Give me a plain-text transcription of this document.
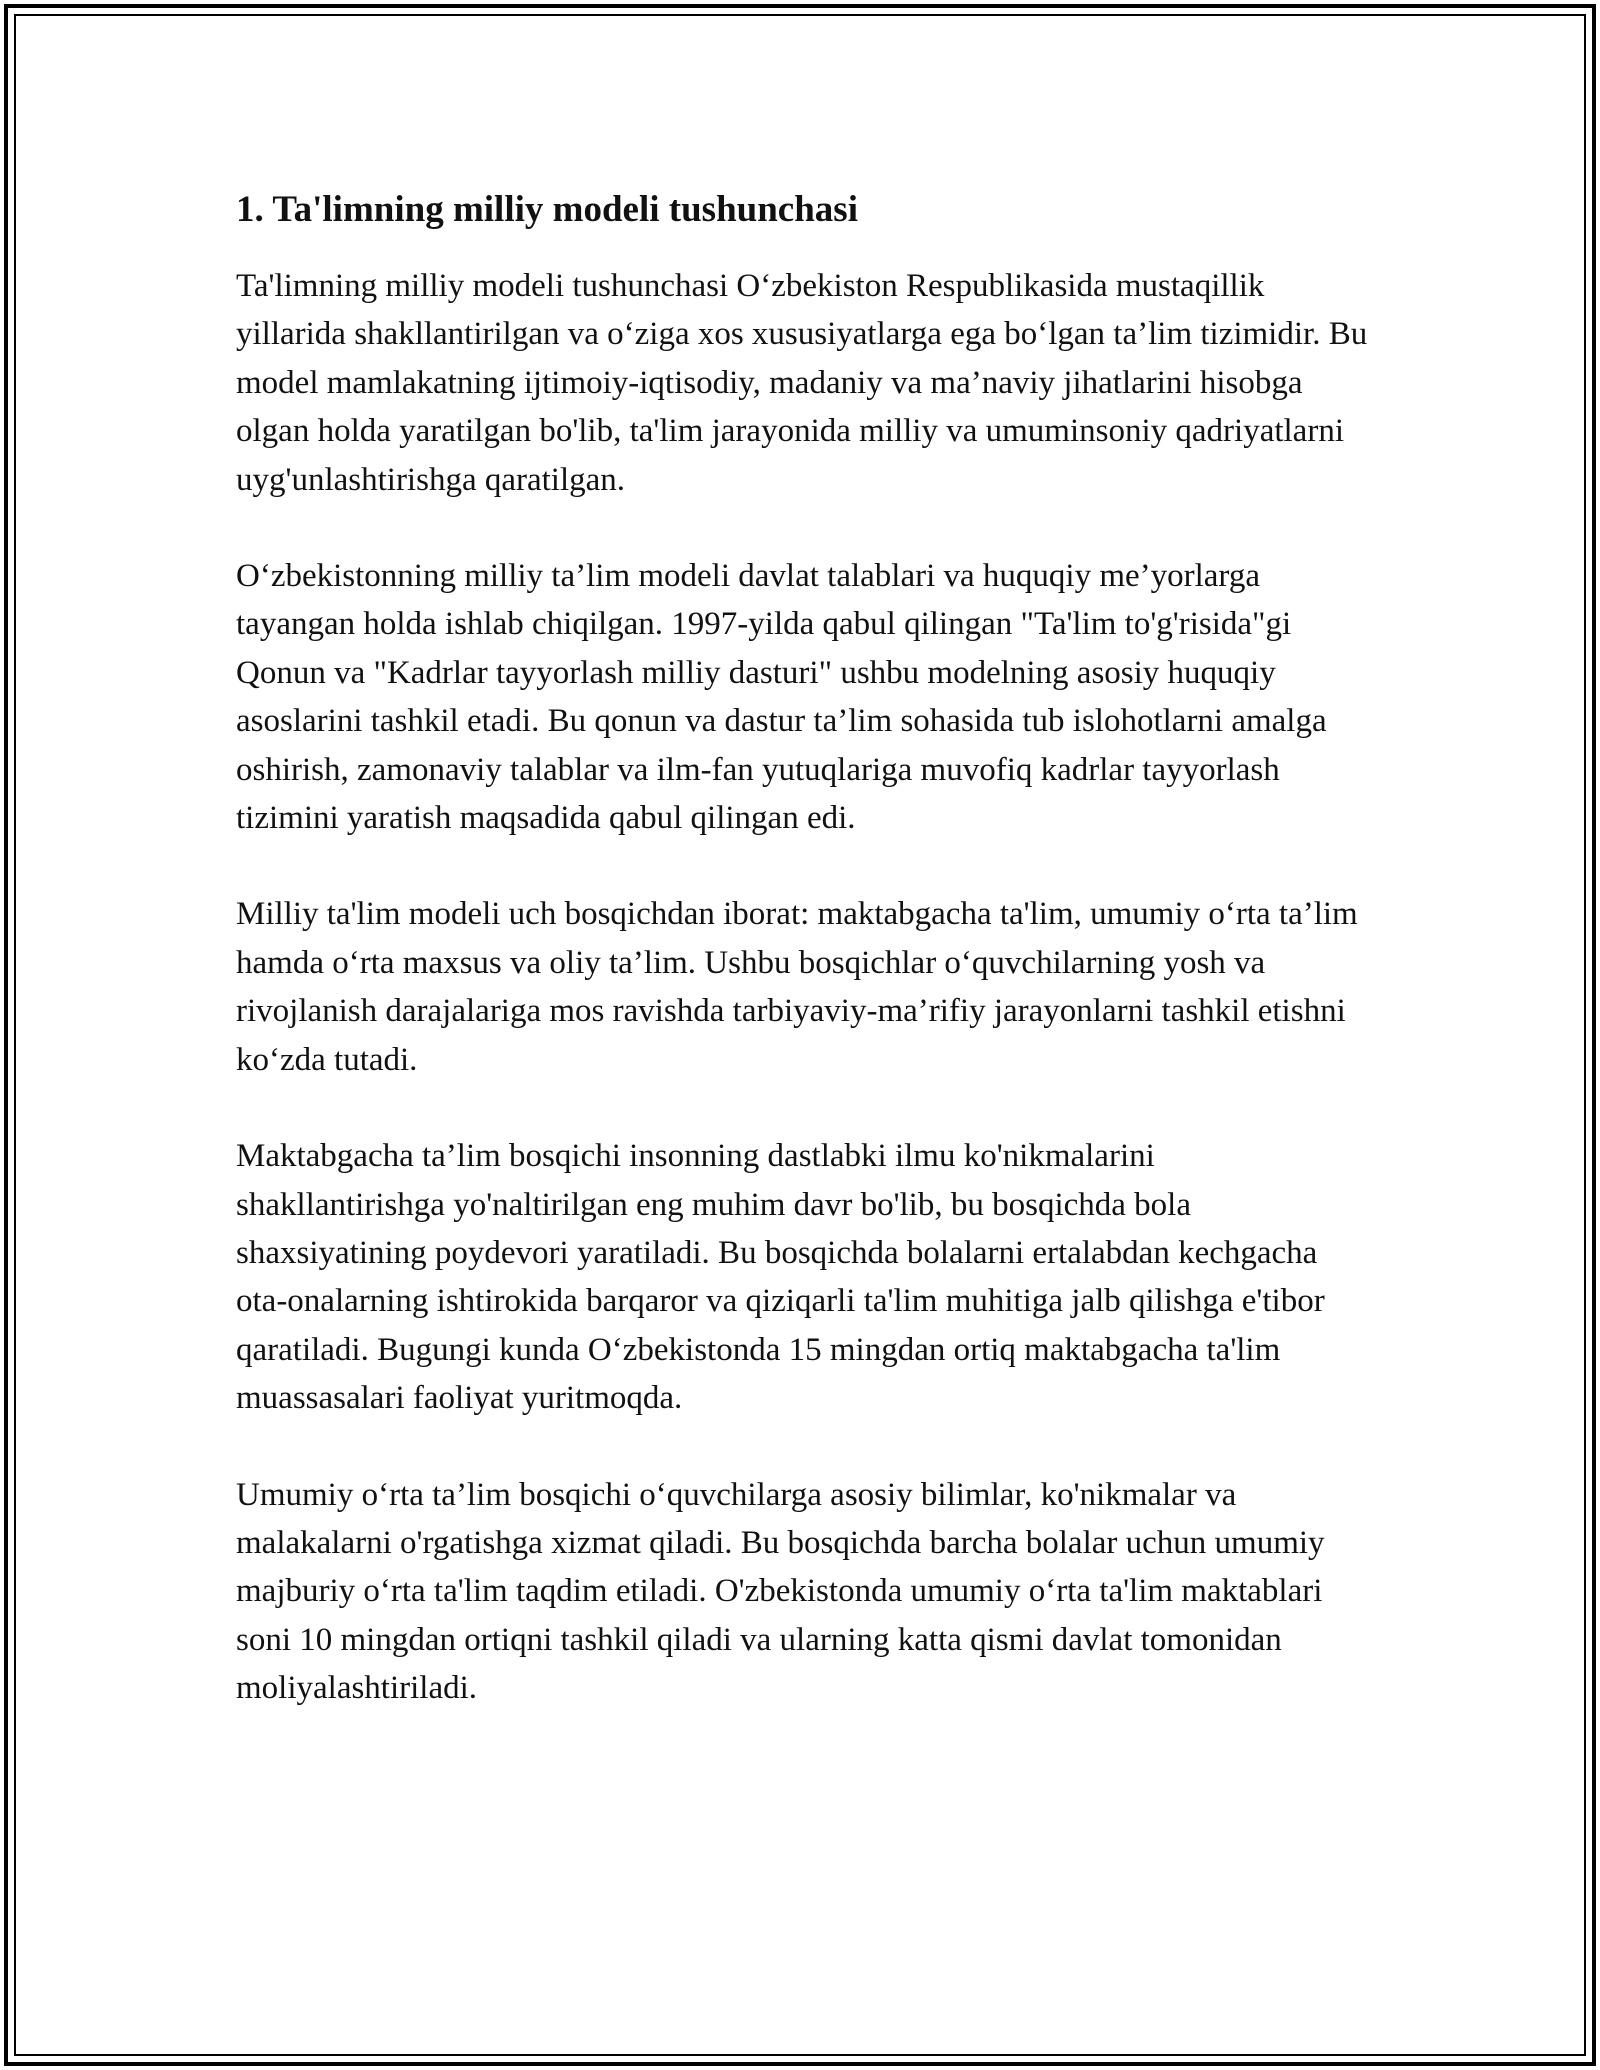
1. Ta'limning milliy modeli tushunchasi

Ta'limning milliy modeli tushunchasi O‘zbekiston Respublikasida mustaqillik yillarida shakllantirilgan va o‘ziga xos xususiyatlarga ega bo‘lgan ta’lim tizimidir. Bu model mamlakatning ijtimoiy-iqtisodiy, madaniy va ma’naviy jihatlarini hisobga olgan holda yaratilgan bo'lib, ta'lim jarayonida milliy va umuminsoniy qadriyatlarni uyg'unlashtirishga qaratilgan.

O‘zbekistonning milliy ta’lim modeli davlat talablari va huquqiy me’yorlarga tayangan holda ishlab chiqilgan. 1997-yilda qabul qilingan "Ta'lim to'g'risida"gi Qonun va "Kadrlar tayyorlash milliy dasturi" ushbu modelning asosiy huquqiy asoslarini tashkil etadi. Bu qonun va dastur ta’lim sohasida tub islohotlarni amalga oshirish, zamonaviy talablar va ilm-fan yutuqlariga muvofiq kadrlar tayyorlash tizimini yaratish maqsadida qabul qilingan edi.

Milliy ta'lim modeli uch bosqichdan iborat: maktabgacha ta'lim, umumiy o‘rta ta’lim hamda o‘rta maxsus va oliy ta’lim. Ushbu bosqichlar o‘quvchilarning yosh va rivojlanish darajalariga mos ravishda tarbiyaviy-ma’rifiy jarayonlarni tashkil etishni ko‘zda tutadi.

Maktabgacha ta’lim bosqichi insonning dastlabki ilmu ko'nikmalarini shakllantirishga yo'naltirilgan eng muhim davr bo'lib, bu bosqichda bola shaxsiyatining poydevori yaratiladi. Bu bosqichda bolalarni ertalabdan kechgacha ota-onalarning ishtirokida barqaror va qiziqarli ta'lim muhitiga jalb qilishga e'tibor qaratiladi. Bugungi kunda O‘zbekistonda 15 mingdan ortiq maktabgacha ta'lim muassasalari faoliyat yuritmoqda.

Umumiy o‘rta ta’lim bosqichi o‘quvchilarga asosiy bilimlar, ko'nikmalar va malakalarni o'rgatishga xizmat qiladi. Bu bosqichda barcha bolalar uchun umumiy majburiy o‘rta ta'lim taqdim etiladi. O'zbekistonda umumiy o‘rta ta'lim maktablari soni 10 mingdan ortiqni tashkil qiladi va ularning katta qismi davlat tomonidan moliyalashtiriladi.
